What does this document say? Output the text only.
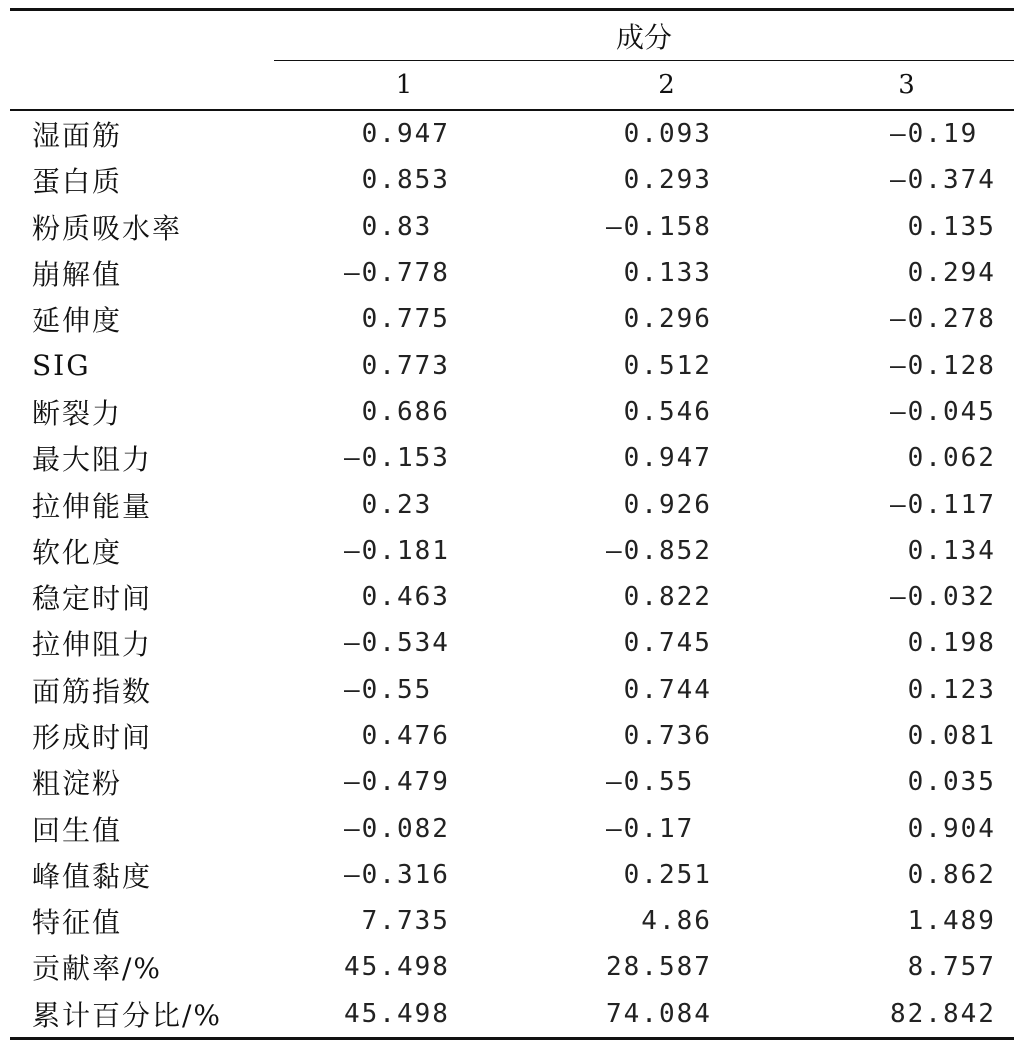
	成分		
	1	2	3
湿面筋	0.947	0.093	—0.19
蛋白质	0.853	0.293	—0.374
粉质吸水率	0.83	—0.158	0.135
崩解值	—0.778	0.133	0.294
延伸度	0.775	0.296	—0.278
SIG	0.773	0.512	—0.128
断裂力	0.686	0.546	—0.045
最大阻力	—0.153	0.947	0.062
拉伸能量	0.23	0.926	—0.117
软化度	—0.181	—0.852	0.134
稳定时间	0.463	0.822	—0.032
拉伸阻力	—0.534	0.745	0.198
面筋指数	—0.55	0.744	0.123
形成时间	0.476	0.736	0.081
粗淀粉	—0.479	—0.55	0.035
回生值	—0.082	—0.17	0.904
峰值黏度	—0.316	0.251	0.862
特征值	7.735	4.86	1.489
贡献率/%	45.498	28.587	8.757
累计百分比/%	45.498	74.084	82.842
